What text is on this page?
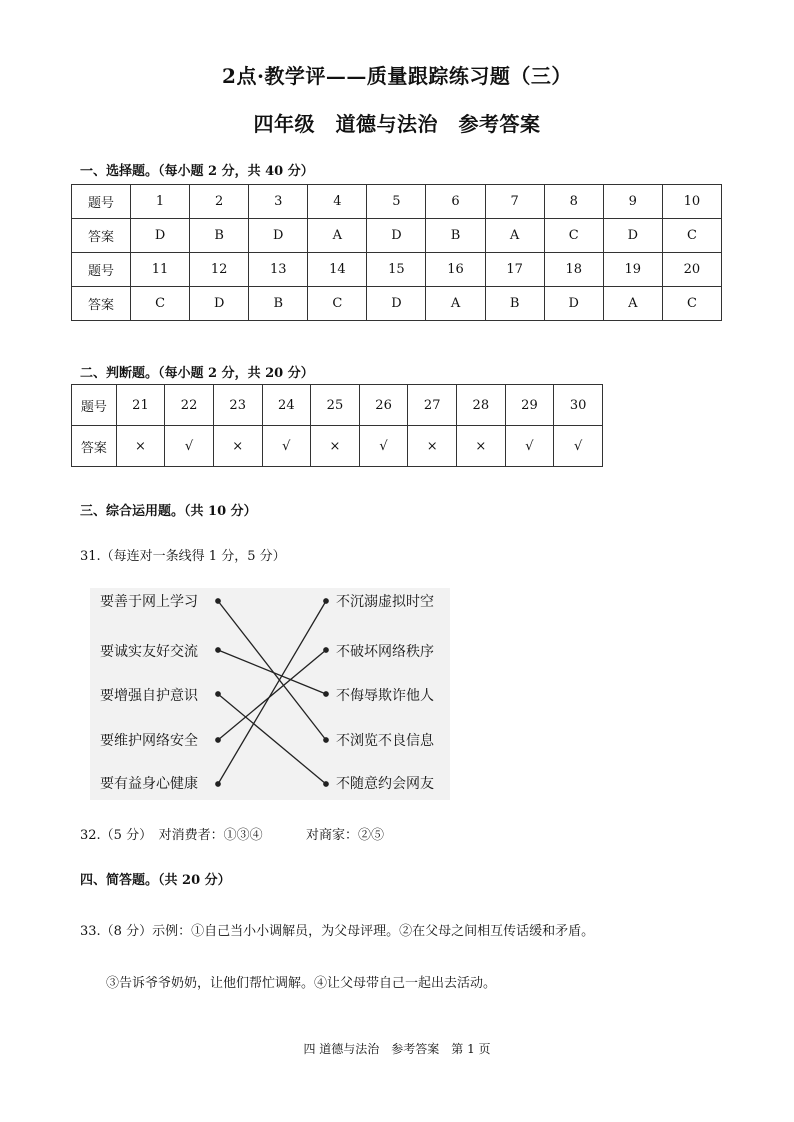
2点·教学评——质量跟踪练习题（三）
四年级　道德与法治　参考答案
一、选择题。（每小题 2 分，共 40 分）
题号	1	2	3	4	5	6	7	8	9	10
答案	D	B	D	A	D	B	A	C	D	C
题号	11	12	13	14	15	16	17	18	19	20
答案	C	D	B	C	D	A	B	D	A	C
二、判断题。（每小题 2 分，共 20 分）
题号	21	22	23	24	25	26	27	28	29	30
答案	×	√	×	√	×	√	×	×	√	√
三、综合运用题。（共 10 分）
31.（每连对一条线得 1 分，5 分）
要善于网上学习
要诚实友好交流
要增强自护意识
要维护网络安全
要有益身心健康
不沉溺虚拟时空
不破坏网络秩序
不侮辱欺诈他人
不浏览不良信息
不随意约会网友
32.（5 分）　对消费者：①③④	对商家：②⑤
四、简答题。（共 20 分）
33.（8 分）示例：①自己当小小调解员，为父母评理。②在父母之间相互传话缓和矛盾。
③告诉爷爷奶奶，让他们帮忙调解。④让父母带自己一起出去活动。
四 道德与法治　参考答案　第 1 页
